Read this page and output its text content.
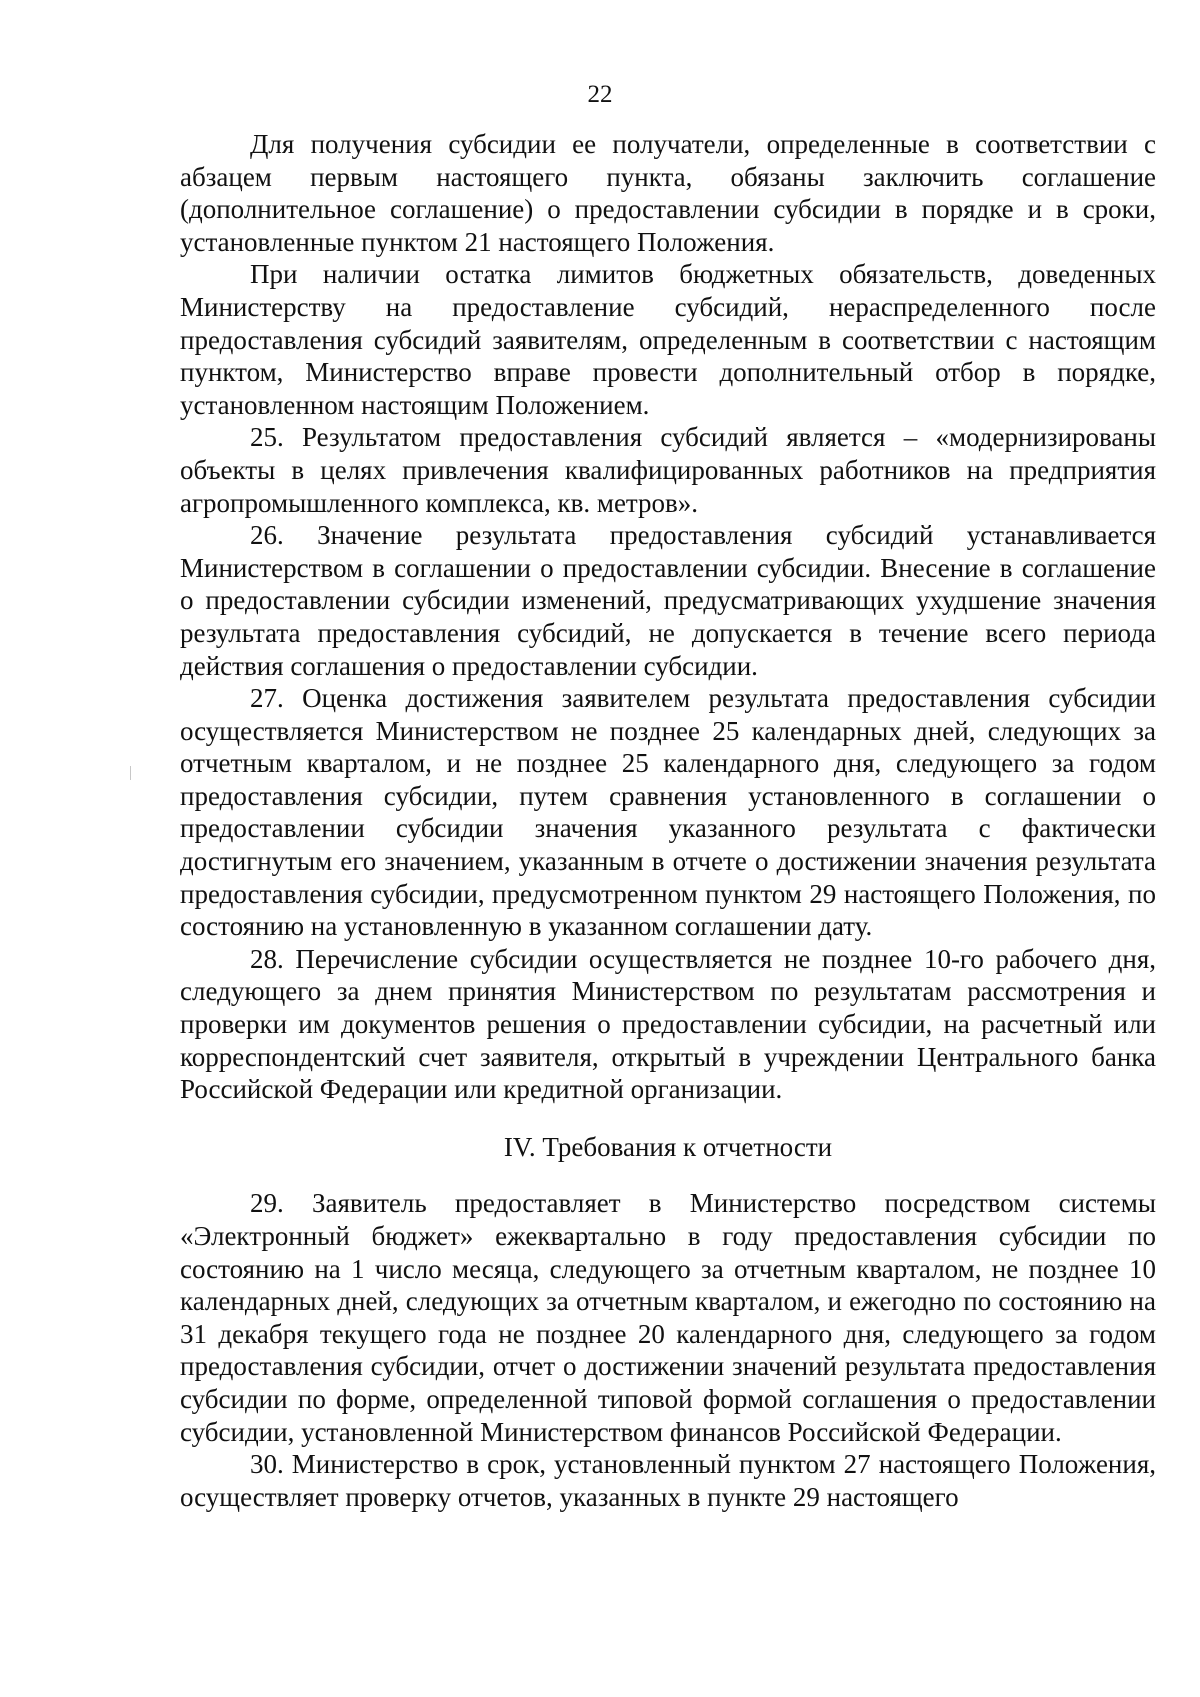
22

Для получения субсидии ее получатели, определенные в соответствии с абзацем первым настоящего пункта, обязаны заключить соглашение (дополнительное соглашение) о предоставлении субсидии в порядке и в сроки, установленные пунктом 21 настоящего Положения.

При наличии остатка лимитов бюджетных обязательств, доведенных Министерству на предоставление субсидий, нераспределенного после предоставления субсидий заявителям, определенным в соответствии с настоящим пунктом, Министерство вправе провести дополнительный отбор в порядке, установленном настоящим Положением.

25. Результатом предоставления субсидий является – «модернизированы объекты в целях привлечения квалифицированных работников на предприятия агропромышленного комплекса, кв. метров».

26. Значение результата предоставления субсидий устанавливается Министерством в соглашении о предоставлении субсидии. Внесение в соглашение о предоставлении субсидии изменений, предусматривающих ухудшение значения результата предоставления субсидий, не допускается в течение всего периода действия соглашения о предоставлении субсидии.

27. Оценка достижения заявителем результата предоставления субсидии осуществляется Министерством не позднее 25 календарных дней, следующих за отчетным кварталом, и не позднее 25 календарного дня, следующего за годом предоставления субсидии, путем сравнения установленного в соглашении о предоставлении субсидии значения указанного результата с фактически достигнутым его значением, указанным в отчете о достижении значения результата предоставления субсидии, предусмотренном пунктом 29 настоящего Положения, по состоянию на установленную в указанном соглашении дату.

28. Перечисление субсидии осуществляется не позднее 10-го рабочего дня, следующего за днем принятия Министерством по результатам рассмотрения и проверки им документов решения о предоставлении субсидии, на расчетный или корреспондентский счет заявителя, открытый в учреждении Центрального банка Российской Федерации или кредитной организации.

IV. Требования к отчетности

29. Заявитель предоставляет в Министерство посредством системы «Электронный бюджет» ежеквартально в году предоставления субсидии по состоянию на 1 число месяца, следующего за отчетным кварталом, не позднее 10 календарных дней, следующих за отчетным кварталом, и ежегодно по состоянию на 31 декабря текущего года не позднее 20 календарного дня, следующего за годом предоставления субсидии, отчет о достижении значений результата предоставления субсидии по форме, определенной типовой формой соглашения о предоставлении субсидии, установленной Министерством финансов Российской Федерации.

30. Министерство в срок, установленный пунктом 27 настоящего Положения, осуществляет проверку отчетов, указанных в пункте 29 настоящего
